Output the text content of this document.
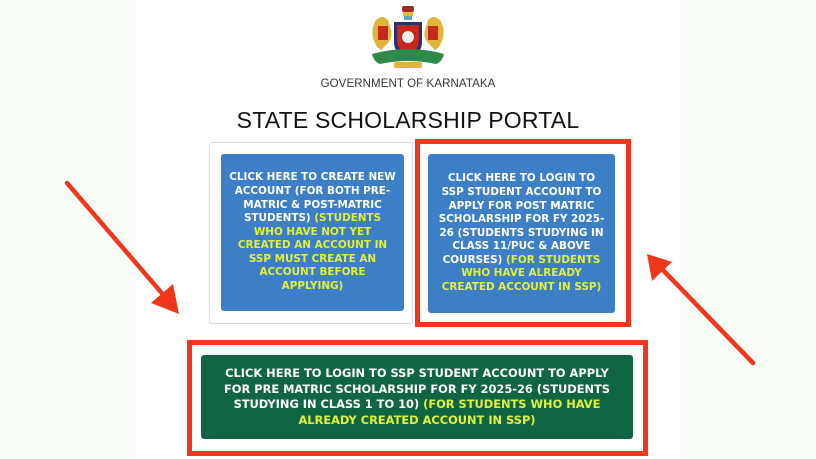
GOVERNMENT OF KARNATAKA
STATE SCHOLARSHIP PORTAL
CLICK HERE TO CREATE NEW ACCOUNT (FOR BOTH PRE-MATRIC & POST-MATRIC STUDENTS) (STUDENTS WHO HAVE NOT YET CREATED AN ACCOUNT IN SSP MUST CREATE AN ACCOUNT BEFORE APPLYING)
CLICK HERE TO LOGIN TO SSP STUDENT ACCOUNT TO APPLY FOR POST MATRIC SCHOLARSHIP FOR FY 2025-26 (STUDENTS STUDYING IN CLASS 11/PUC & ABOVE COURSES) (FOR STUDENTS WHO HAVE ALREADY CREATED ACCOUNT IN SSP)
CLICK HERE TO LOGIN TO SSP STUDENT ACCOUNT TO APPLY FOR PRE MATRIC SCHOLARSHIP FOR FY 2025-26 (STUDENTS STUDYING IN CLASS 1 TO 10) (FOR STUDENTS WHO HAVE ALREADY CREATED ACCOUNT IN SSP)
